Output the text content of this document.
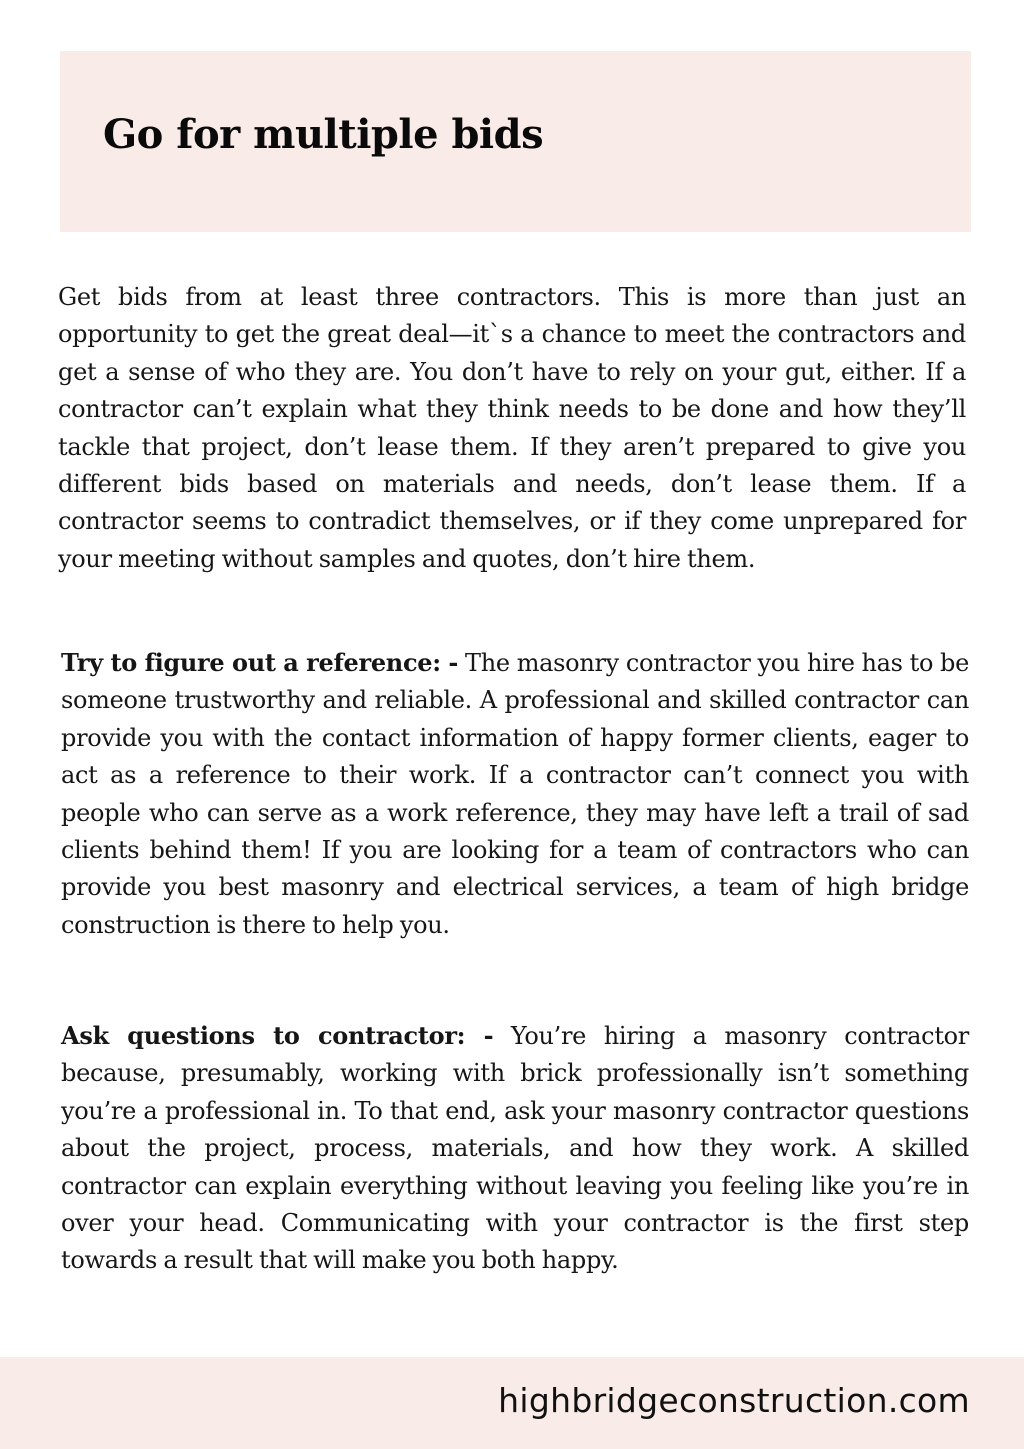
Go for multiple bids

Get bids from at least three contractors. This is more than just an opportunity to get the great deal—it`s a chance to meet the contractors and get a sense of who they are. You don’t have to rely on your gut, either. If a contractor can’t explain what they think needs to be done and how they’ll tackle that project, don’t lease them. If they aren’t prepared to give you different bids based on materials and needs, don’t lease them. If a contractor seems to contradict themselves, or if they come unprepared for your meeting without samples and quotes, don’t hire them.

Try to figure out a reference: - The masonry contractor you hire has to be someone trustworthy and reliable. A professional and skilled contractor can provide you with the contact information of happy former clients, eager to act as a reference to their work. If a contractor can’t connect you with people who can serve as a work reference, they may have left a trail of sad clients behind them! If you are looking for a team of contractors who can provide you best masonry and electrical services, a team of high bridge construction is there to help you.

Ask questions to contractor: - You’re hiring a masonry contractor because, presumably, working with brick professionally isn’t something you’re a professional in. To that end, ask your masonry contractor questions about the project, process, materials, and how they work. A skilled contractor can explain everything without leaving you feeling like you’re in over your head. Communicating with your contractor is the first step towards a result that will make you both happy.

highbridgeconstruction.com
